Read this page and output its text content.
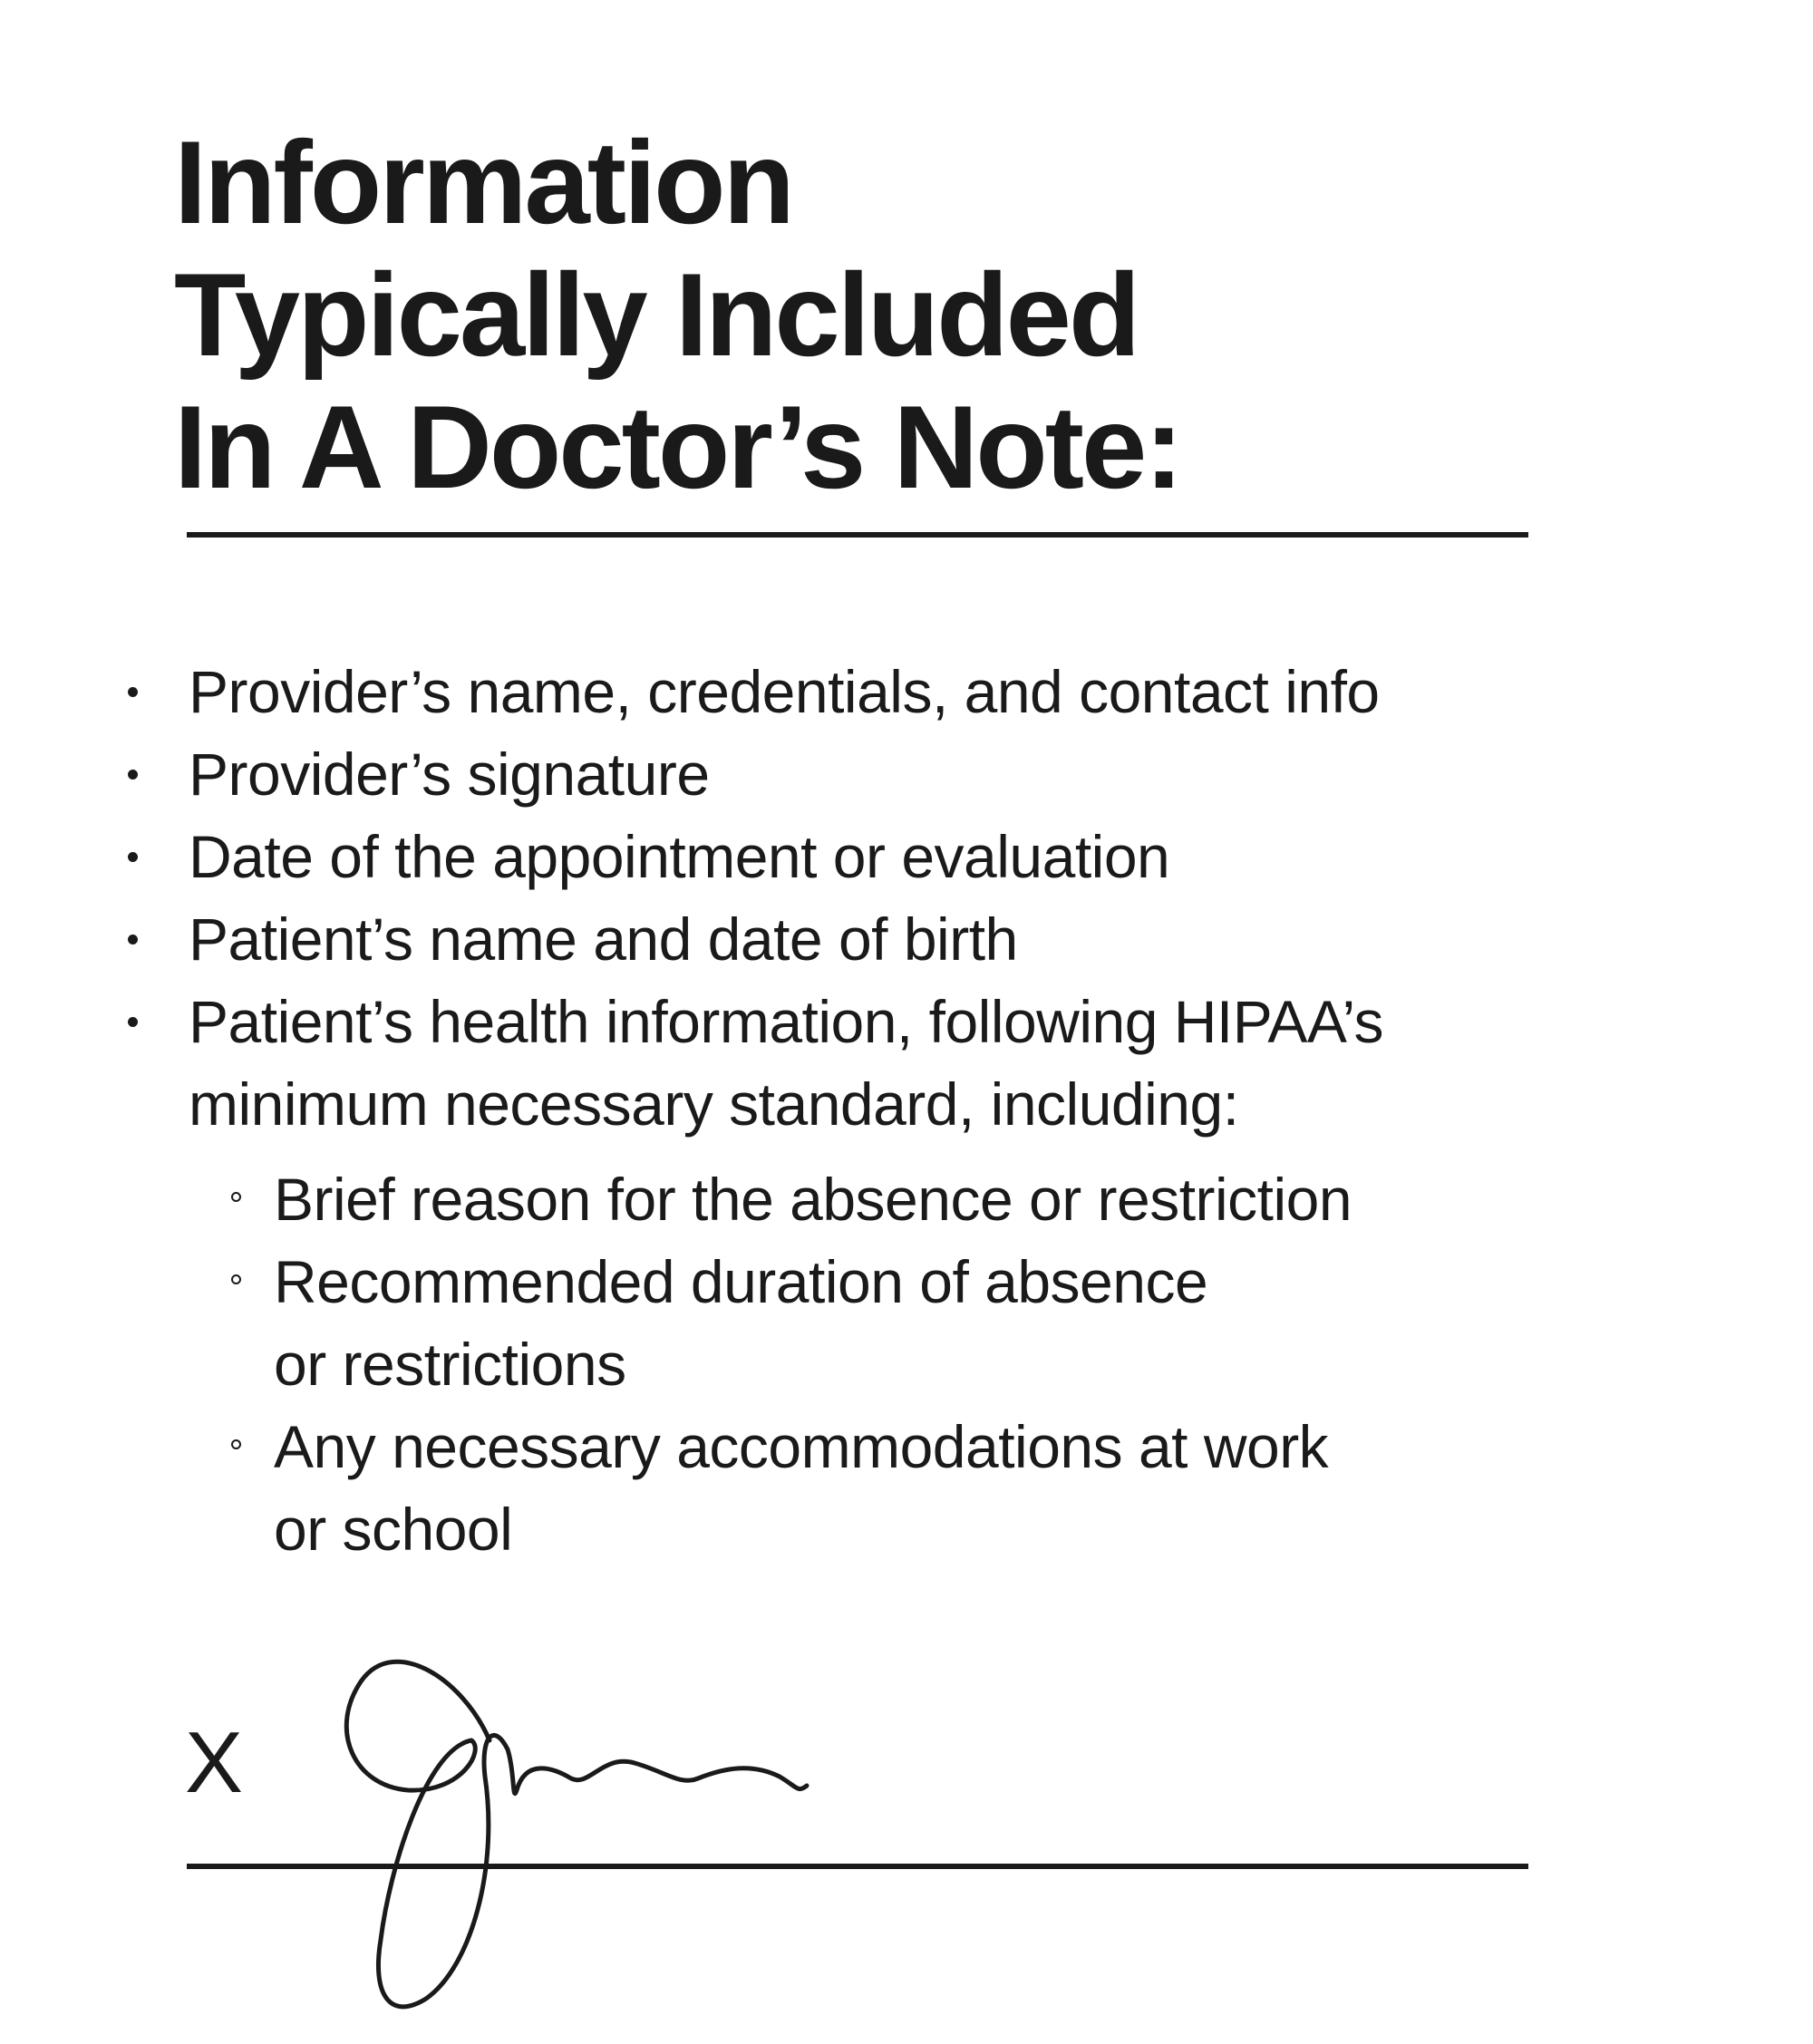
Information
Typically Included
In A Doctor’s Note:
Provider’s name, credentials, and contact info
Provider’s signature
Date of the appointment or evaluation
Patient’s name and date of birth
Patient’s health information, following HIPAA’s
minimum necessary standard, including:
Brief reason for the absence or restriction
Recommended duration of absence
or restrictions
Any necessary accommodations at work
or school
X
